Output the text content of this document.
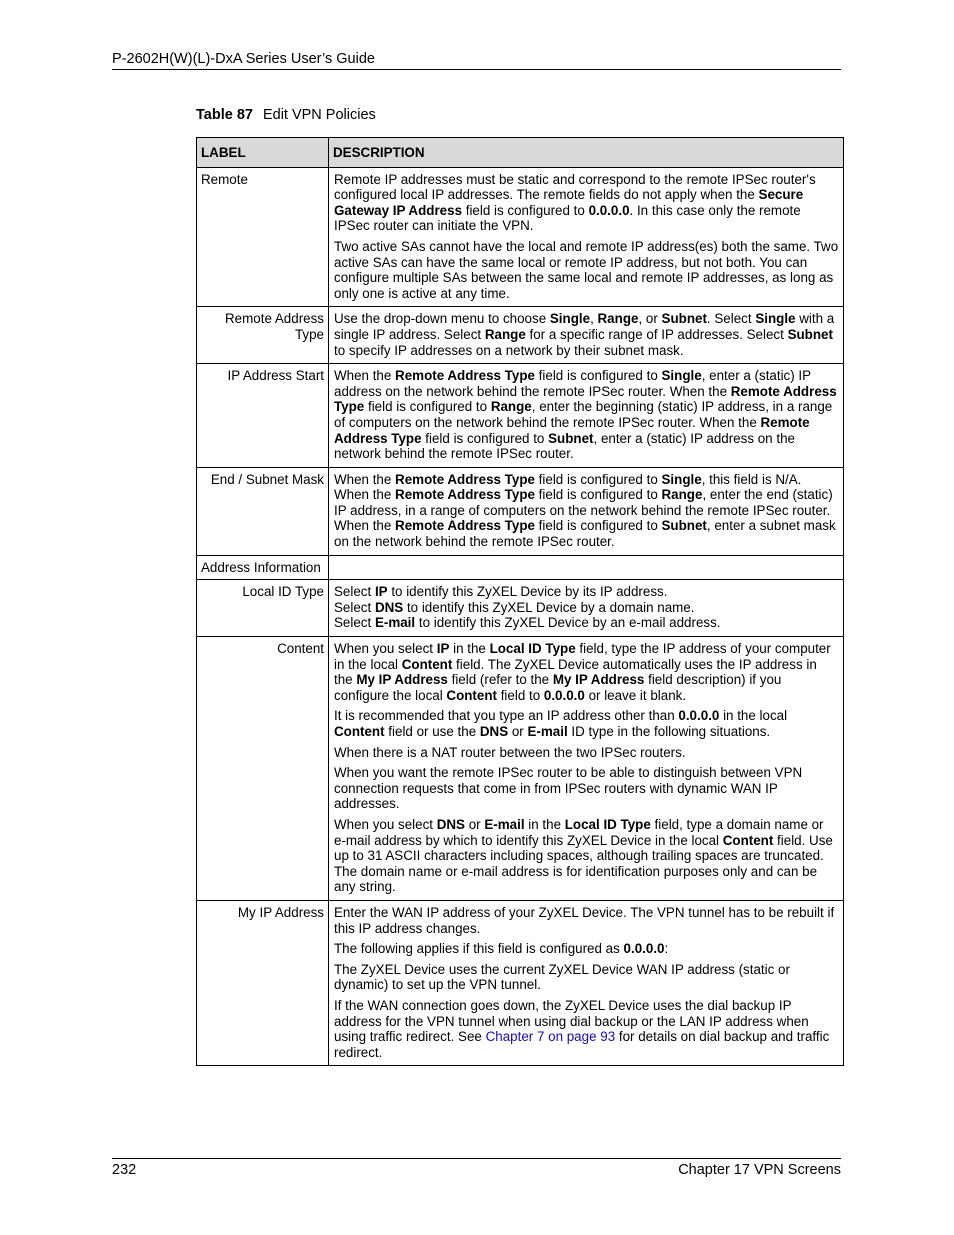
P-2602H(W)(L)-DxA Series User’s Guide
Table 87 Edit VPN Policies
LABEL	DESCRIPTION
Remote	Remote IP addresses must be static and correspond to the remote IPSec router's configured local IP addresses. The remote fields do not apply when the Secure Gateway IP Address field is configured to 0.0.0.0. In this case only the remote IPSec router can initiate the VPN.

Two active SAs cannot have the local and remote IP address(es) both the same. Two active SAs can have the same local or remote IP address, but not both. You can configure multiple SAs between the same local and remote IP addresses, as long as only one is active at any time.

Remote Address Type	Use the drop-down menu to choose Single, Range, or Subnet. Select Single with a single IP address. Select Range for a specific range of IP addresses. Select Subnet to specify IP addresses on a network by their subnet mask.

IP Address Start	When the Remote Address Type field is configured to Single, enter a (static) IP address on the network behind the remote IPSec router. When the Remote Address Type field is configured to Range, enter the beginning (static) IP address, in a range of computers on the network behind the remote IPSec router. When the Remote Address Type field is configured to Subnet, enter a (static) IP address on the network behind the remote IPSec router.

End / Subnet Mask	When the Remote Address Type field is configured to Single, this field is N/A. When the Remote Address Type field is configured to Range, enter the end (static) IP address, in a range of computers on the network behind the remote IPSec router. When the Remote Address Type field is configured to Subnet, enter a subnet mask on the network behind the remote IPSec router.

Address Information	
Local ID Type	Select IP to identify this ZyXEL Device by its IP address.
Select DNS to identify this ZyXEL Device by a domain name.
Select E-mail to identify this ZyXEL Device by an e-mail address.

Content	When you select IP in the Local ID Type field, type the IP address of your computer in the local Content field. The ZyXEL Device automatically uses the IP address in the My IP Address field (refer to the My IP Address field description) if you configure the local Content field to 0.0.0.0 or leave it blank.

It is recommended that you type an IP address other than 0.0.0.0 in the local Content field or use the DNS or E-mail ID type in the following situations.

When there is a NAT router between the two IPSec routers.

When you want the remote IPSec router to be able to distinguish between VPN connection requests that come in from IPSec routers with dynamic WAN IP addresses.

When you select DNS or E-mail in the Local ID Type field, type a domain name or e-mail address by which to identify this ZyXEL Device in the local Content field. Use up to 31 ASCII characters including spaces, although trailing spaces are truncated. The domain name or e-mail address is for identification purposes only and can be any string.

My IP Address	Enter the WAN IP address of your ZyXEL Device. The VPN tunnel has to be rebuilt if this IP address changes.

The following applies if this field is configured as 0.0.0.0:

The ZyXEL Device uses the current ZyXEL Device WAN IP address (static or dynamic) to set up the VPN tunnel.

If the WAN connection goes down, the ZyXEL Device uses the dial backup IP address for the VPN tunnel when using dial backup or the LAN IP address when using traffic redirect. See Chapter 7 on page 93 for details on dial backup and traffic redirect.

232	Chapter 17 VPN Screens
